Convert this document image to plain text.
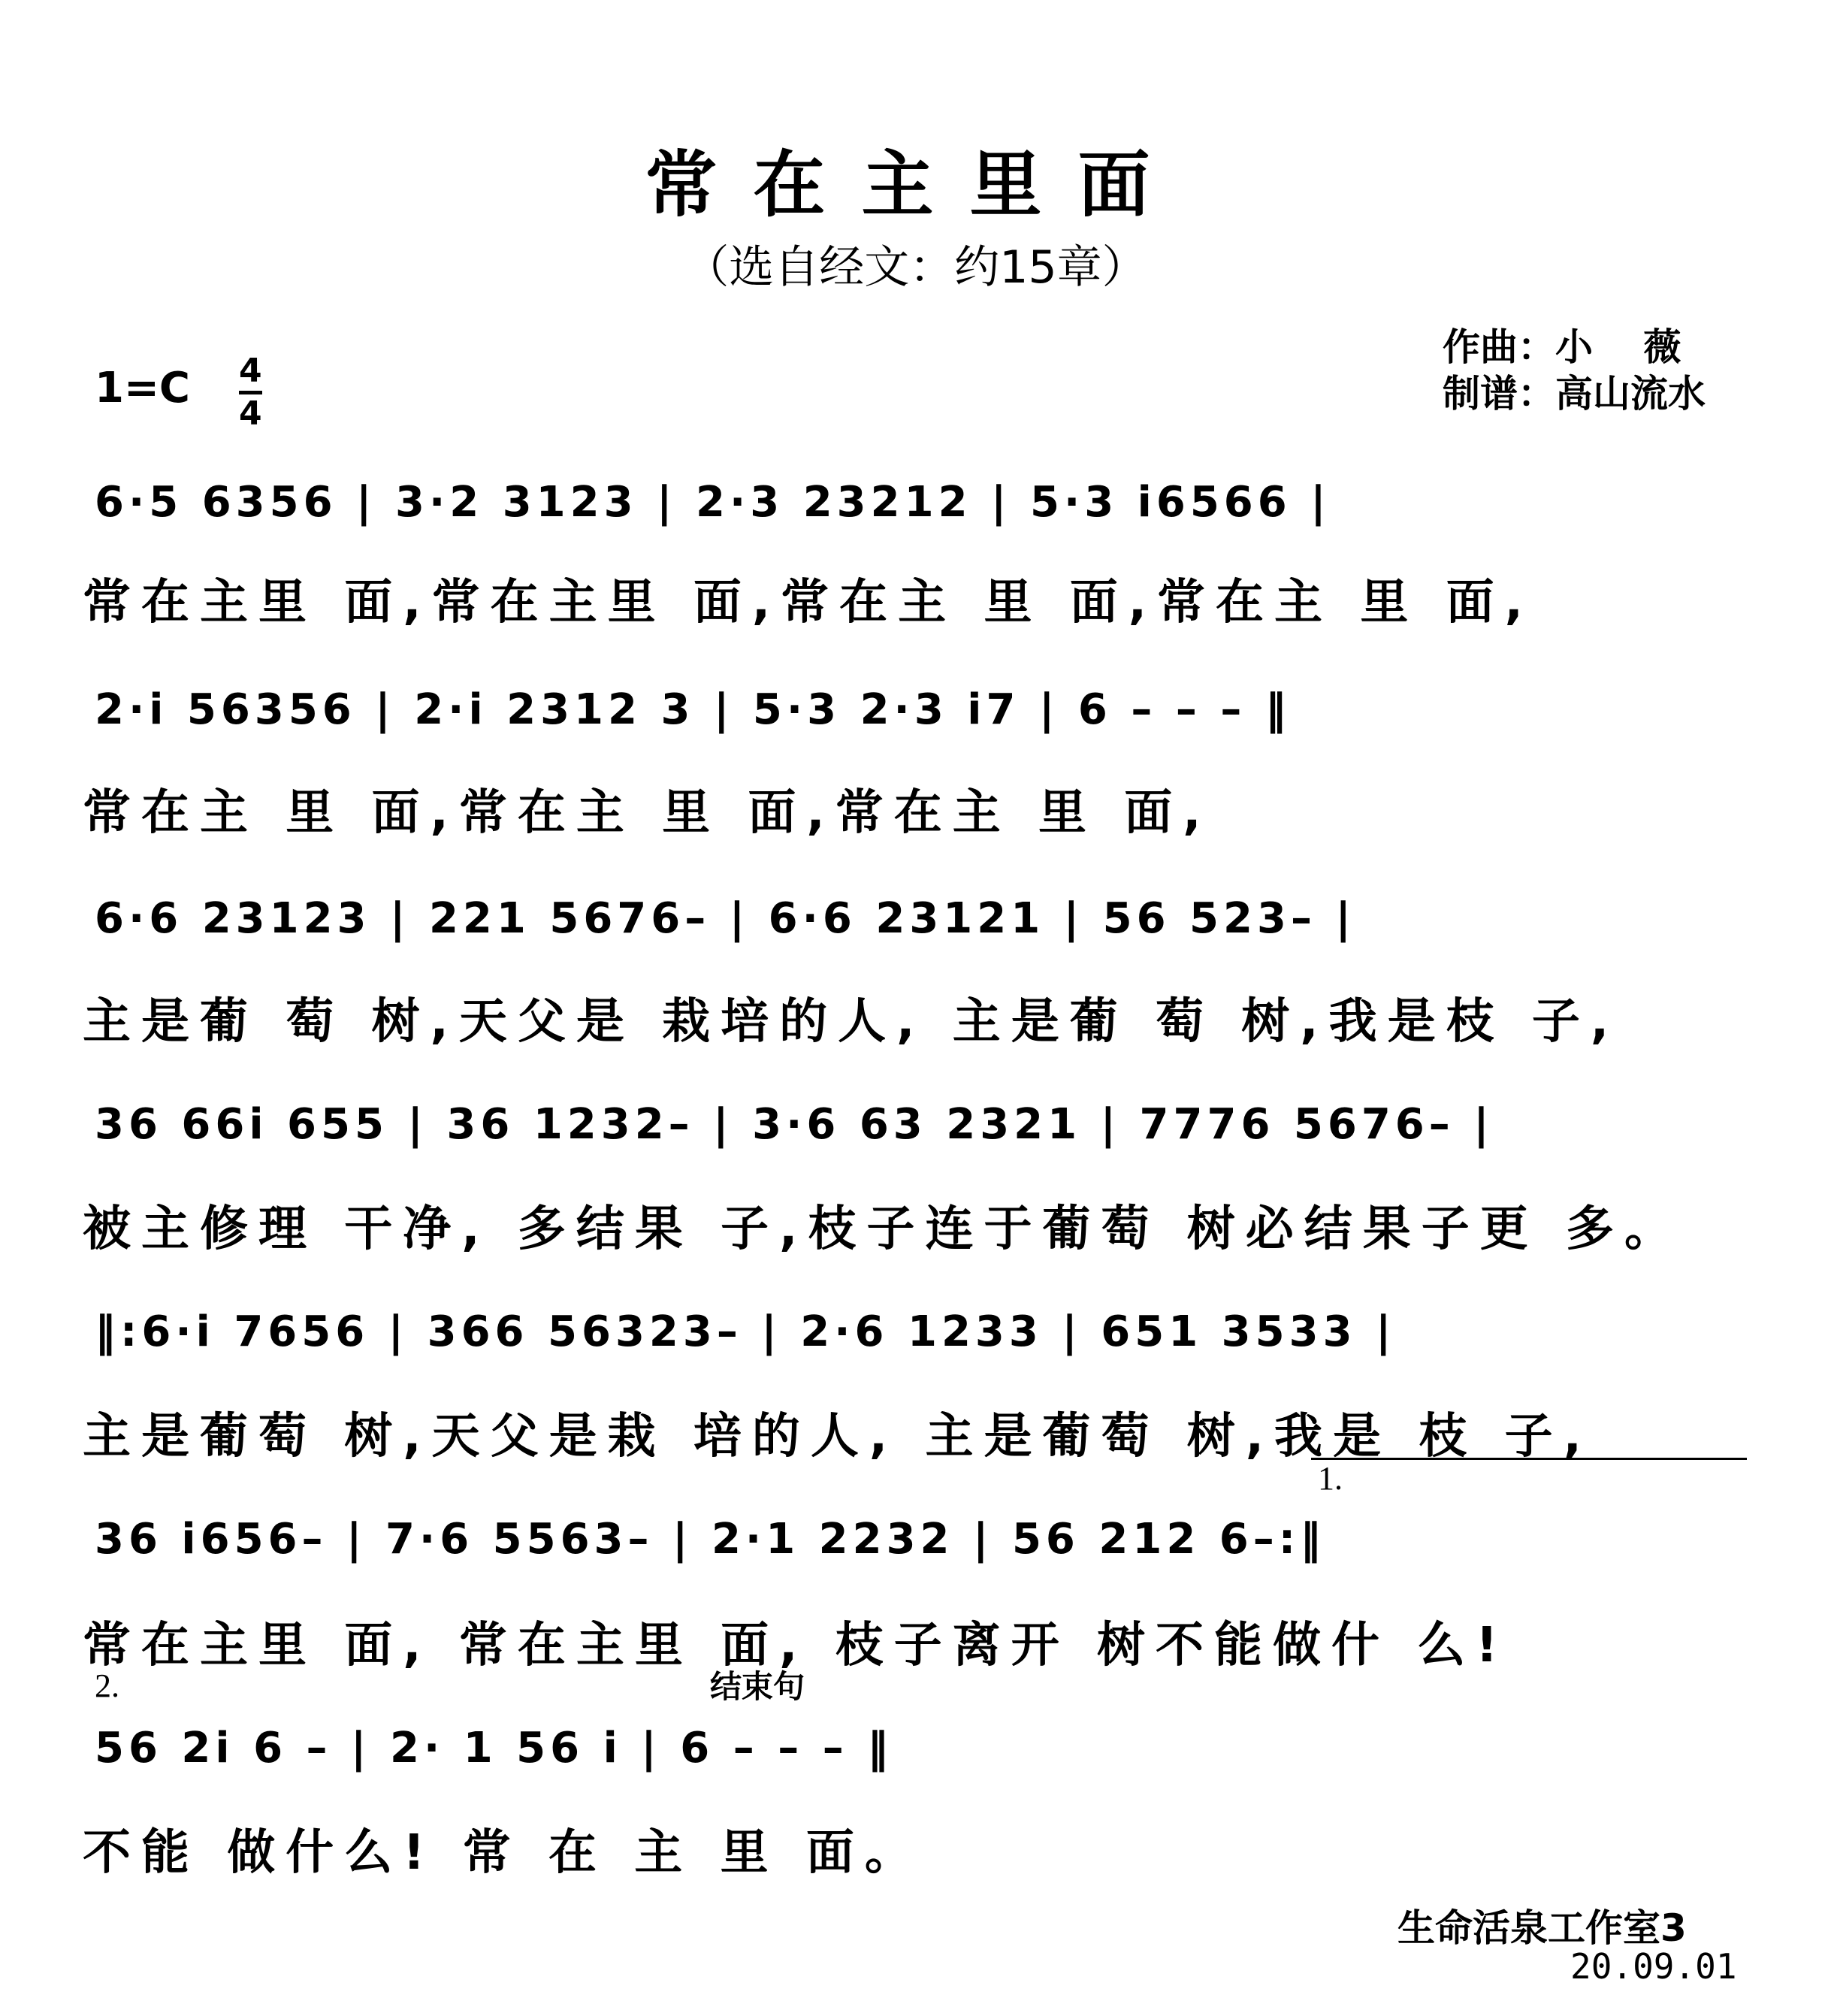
常在主里面
（选自经文：约15章）
作曲：小　 薇
制谱：高山流水
1=C 4
4
6·5 6356 | 3·2 3123 | 2·3 23212 | 5·3 i6566 |
常在主里 面,常在主里 面,常在主 里 面,常在主 里 面,
2·i 56356 | 2·i 2312 3 | 5·3 2·3 i7 | 6 – – – ‖
常在主 里 面,常在主 里 面,常在主 里 面,
6·6 23123 | 221 5676– | 6·6 23121 | 56 523– |
主是葡 萄 树,天父是 栽培的人, 主是葡 萄 树,我是枝 子,
36 66i 655 | 36 1232– | 3·6 63 2321 | 7776 5676– |
被主修理 干净, 多结果 子,枝子连于葡萄 树必结果子更 多。
‖:6·i 7656 | 366 56323– | 2·6 1233 | 651 3533 |
主是葡萄 树,天父是栽 培的人, 主是葡萄 树,我是 枝 子,
1.
36 i656– | 7·6 5563– | 2·1 2232 | 56 212 6–:‖
常在主里 面, 常在主里 面, 枝子离开 树不能做什 么!
2.	结束句
56 2i 6 – | 2· 1 56 i | 6 – – – ‖
不能 做什么! 常 在 主 里 面。
生命活泉工作室3
20.09.01
